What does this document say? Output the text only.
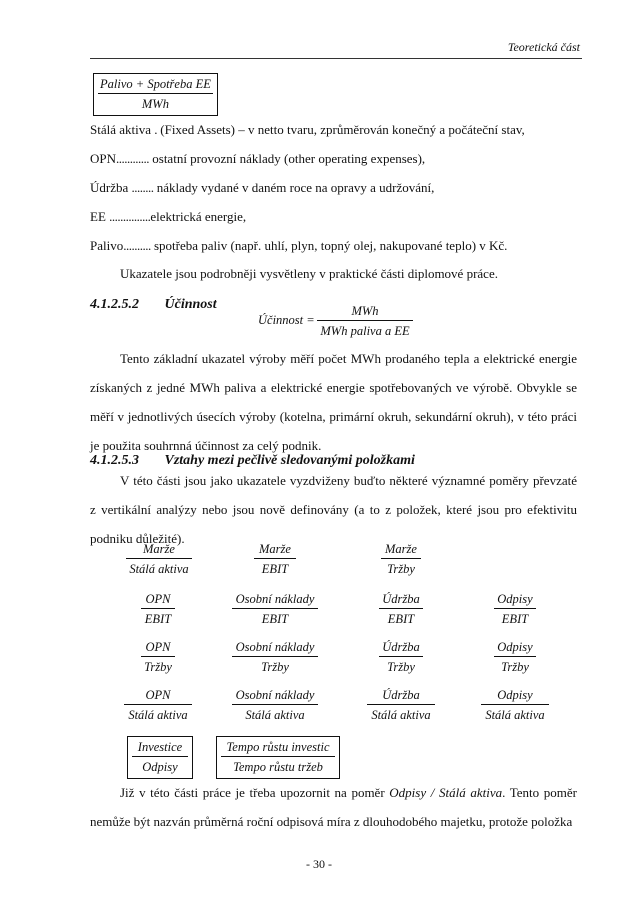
Teoretická část
Palivo + Spotřeba EE
MWh
Stálá aktiva . (Fixed Assets) – v netto tvaru, zprůměrován konečný a počáteční stav,
OPN............ ostatní provozní náklady (other operating expenses),
Údržba ........ náklady vydané v daném roce na opravy a udržování,
EE ...............elektrická energie,
Palivo.......... spotřeba paliv (např. uhlí, plyn, topný olej, nakupované teplo) v Kč.
Ukazatele jsou podrobněji vysvětleny v praktické části diplomové práce.
4.1.2.5.2 Účinnost
Účinnost =
MWh
MWh paliva a EE
Tento základní ukazatel výroby měří počet MWh prodaného tepla a elektrické energie získaných z jedné MWh paliva a elektrické energie spotřebovaných ve výrobě. Obvykle se měří v jednotlivých úsecích výroby (kotelna, primární okruh, sekundární okruh), v této práci je použita souhrnná účinnost za celý podnik.
4.1.2.5.3 Vztahy mezi pečlivě sledovanými položkami
V této části jsou jako ukazatele vyzdviženy buďto některé významné poměry převzaté z vertikální analýzy nebo jsou nově definovány (a to z položek, které jsou pro efektivitu podniku důležité).
Marže
Stálá aktiva
Marže
EBIT
Marže
Tržby
OPN
EBIT
Osobní náklady
EBIT
Údržba
EBIT
Odpisy
EBIT
OPN
Tržby
Osobní náklady
Tržby
Údržba
Tržby
Odpisy
Tržby
OPN
Stálá aktiva
Osobní náklady
Stálá aktiva
Údržba
Stálá aktiva
Odpisy
Stálá aktiva
Investice
Odpisy
Tempo růstu investic
Tempo růstu tržeb
Již v této části práce je třeba upozornit na poměr Odpisy / Stálá aktiva. Tento poměr nemůže být nazván průměrná roční odpisová míra z dlouhodobého majetku, protože položka
- 30 -
